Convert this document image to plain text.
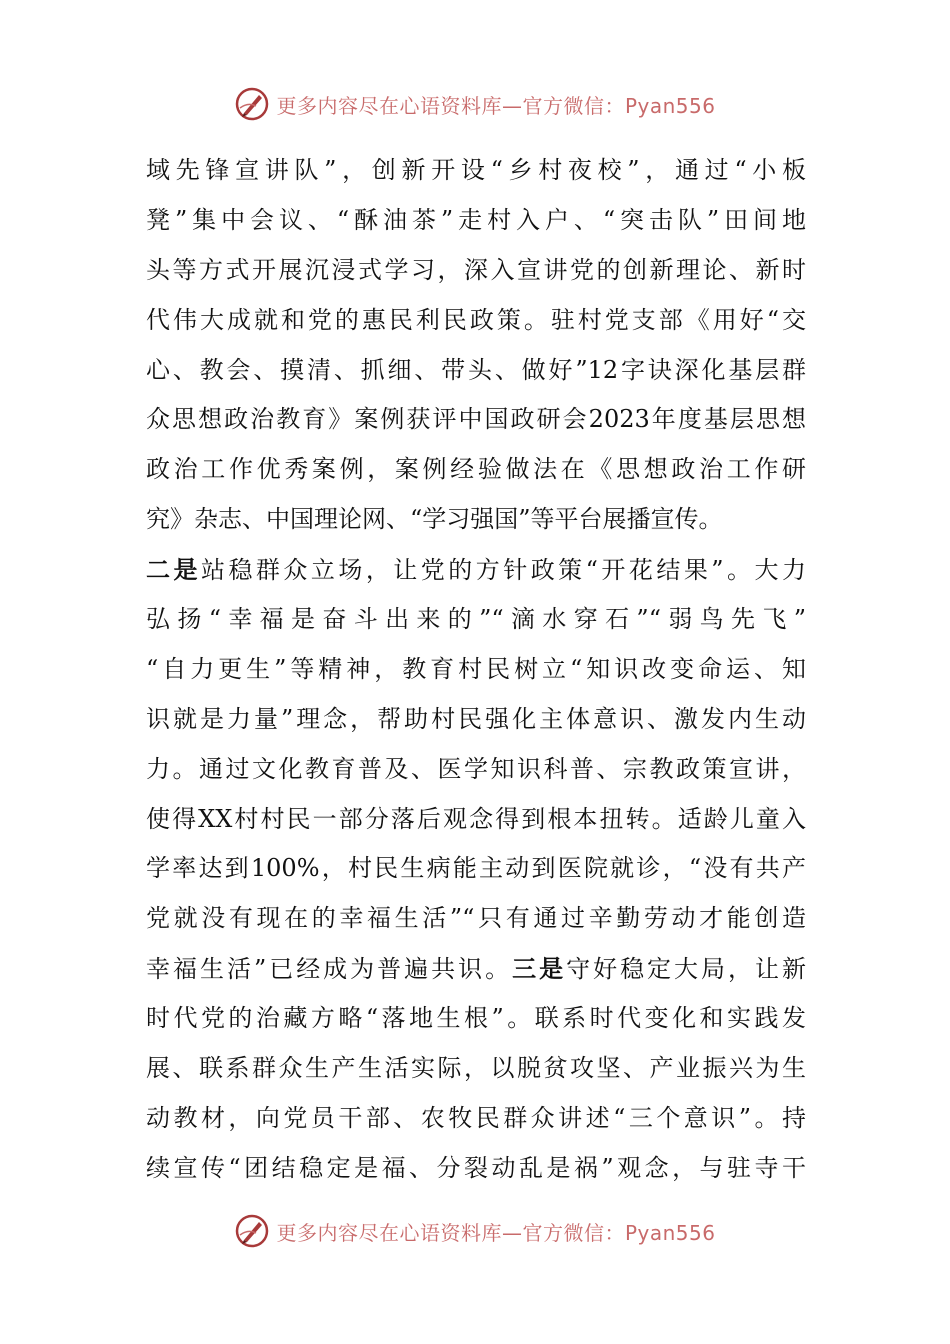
更多内容尽在心语资料库—官方微信：Pyan556
域先锋宣讲队”，创新开设“乡村夜校”，通过“小板
凳”集中会议、“酥油茶”走村入户、“突击队”田间地
头等方式开展沉浸式学习，深入宣讲党的创新理论、新时
代伟大成就和党的惠民利民政策。驻村党支部《用好“交
心、教会、摸清、抓细、带头、做好”12字诀深化基层群
众思想政治教育》案例获评中国政研会2023年度基层思想
政治工作优秀案例，案例经验做法在《思想政治工作研
究》杂志、中国理论网、“学习强国”等平台展播宣传。
二是站稳群众立场，让党的方针政策“开花结果”。大力
弘扬“幸福是奋斗出来的”“滴水穿石”“弱鸟先飞”
“自力更生”等精神，教育村民树立“知识改变命运、知
识就是力量”理念，帮助村民强化主体意识、激发内生动
力。通过文化教育普及、医学知识科普、宗教政策宣讲，
使得XX村村民一部分落后观念得到根本扭转。适龄儿童入
学率达到100%，村民生病能主动到医院就诊，“没有共产
党就没有现在的幸福生活”“只有通过辛勤劳动才能创造
幸福生活”已经成为普遍共识。三是守好稳定大局，让新
时代党的治藏方略“落地生根”。联系时代变化和实践发
展、联系群众生产生活实际，以脱贫攻坚、产业振兴为生
动教材，向党员干部、农牧民群众讲述“三个意识”。持
续宣传“团结稳定是福、分裂动乱是祸”观念，与驻寺干
更多内容尽在心语资料库—官方微信：Pyan556
